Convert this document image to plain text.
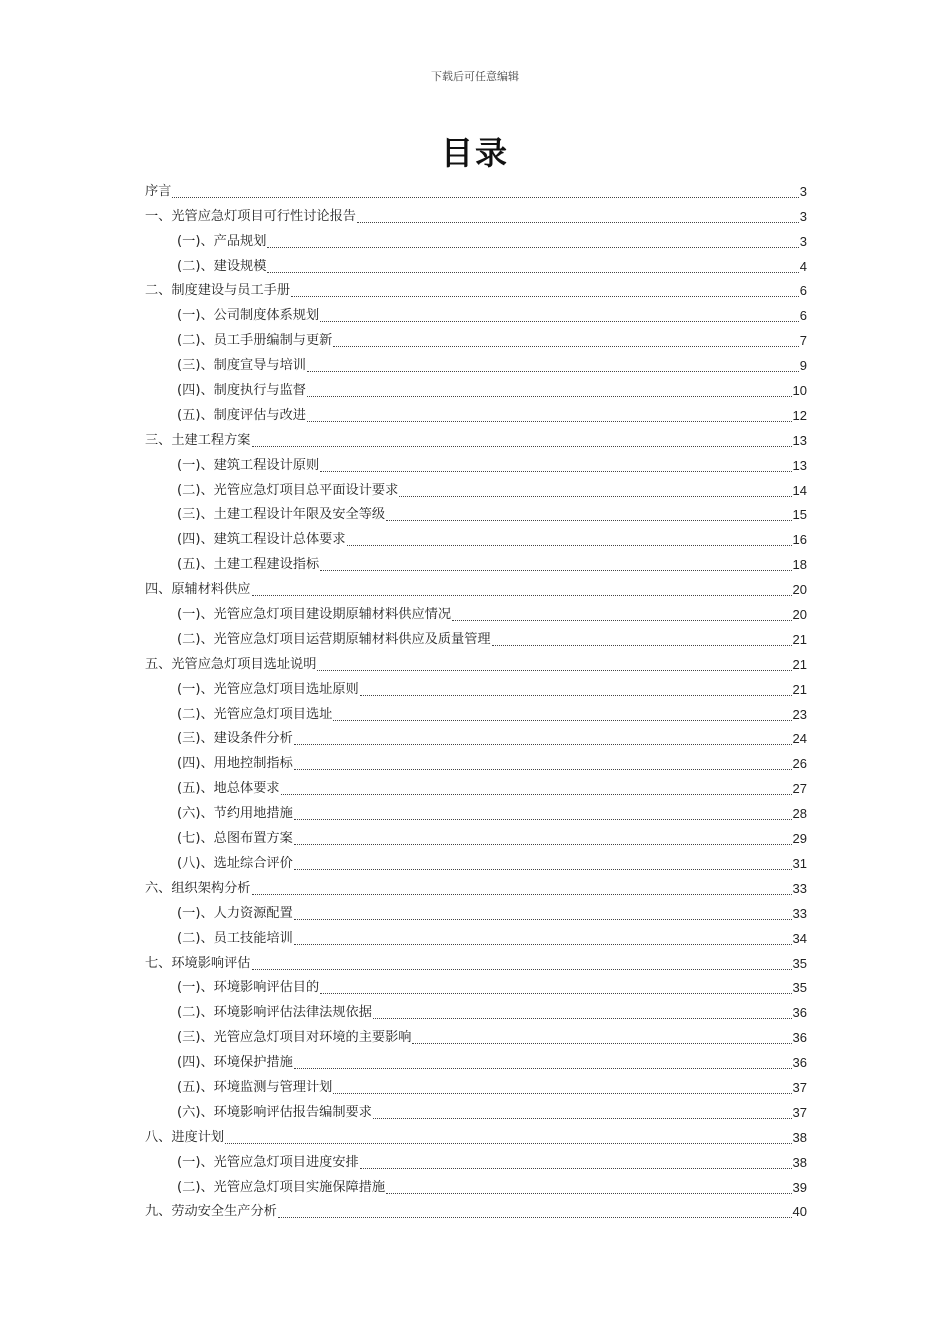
下载后可任意编辑
目录
序言	3
一、光管应急灯项目可行性讨论报告	3
(一)、产品规划	3
(二)、建设规模	4
二、制度建设与员工手册	6
(一)、公司制度体系规划	6
(二)、员工手册编制与更新	7
(三)、制度宣导与培训	9
(四)、制度执行与监督	10
(五)、制度评估与改进	12
三、土建工程方案	13
(一)、建筑工程设计原则	13
(二)、光管应急灯项目总平面设计要求	14
(三)、土建工程设计年限及安全等级	15
(四)、建筑工程设计总体要求	16
(五)、土建工程建设指标	18
四、原辅材料供应	20
(一)、光管应急灯项目建设期原辅材料供应情况	20
(二)、光管应急灯项目运营期原辅材料供应及质量管理	21
五、光管应急灯项目选址说明	21
(一)、光管应急灯项目选址原则	21
(二)、光管应急灯项目选址	23
(三)、建设条件分析	24
(四)、用地控制指标	26
(五)、地总体要求	27
(六)、节约用地措施	28
(七)、总图布置方案	29
(八)、选址综合评价	31
六、组织架构分析	33
(一)、人力资源配置	33
(二)、员工技能培训	34
七、环境影响评估	35
(一)、环境影响评估目的	35
(二)、环境影响评估法律法规依据	36
(三)、光管应急灯项目对环境的主要影响	36
(四)、环境保护措施	36
(五)、环境监测与管理计划	37
(六)、环境影响评估报告编制要求	37
八、进度计划	38
(一)、光管应急灯项目进度安排	38
(二)、光管应急灯项目实施保障措施	39
九、劳动安全生产分析	40
